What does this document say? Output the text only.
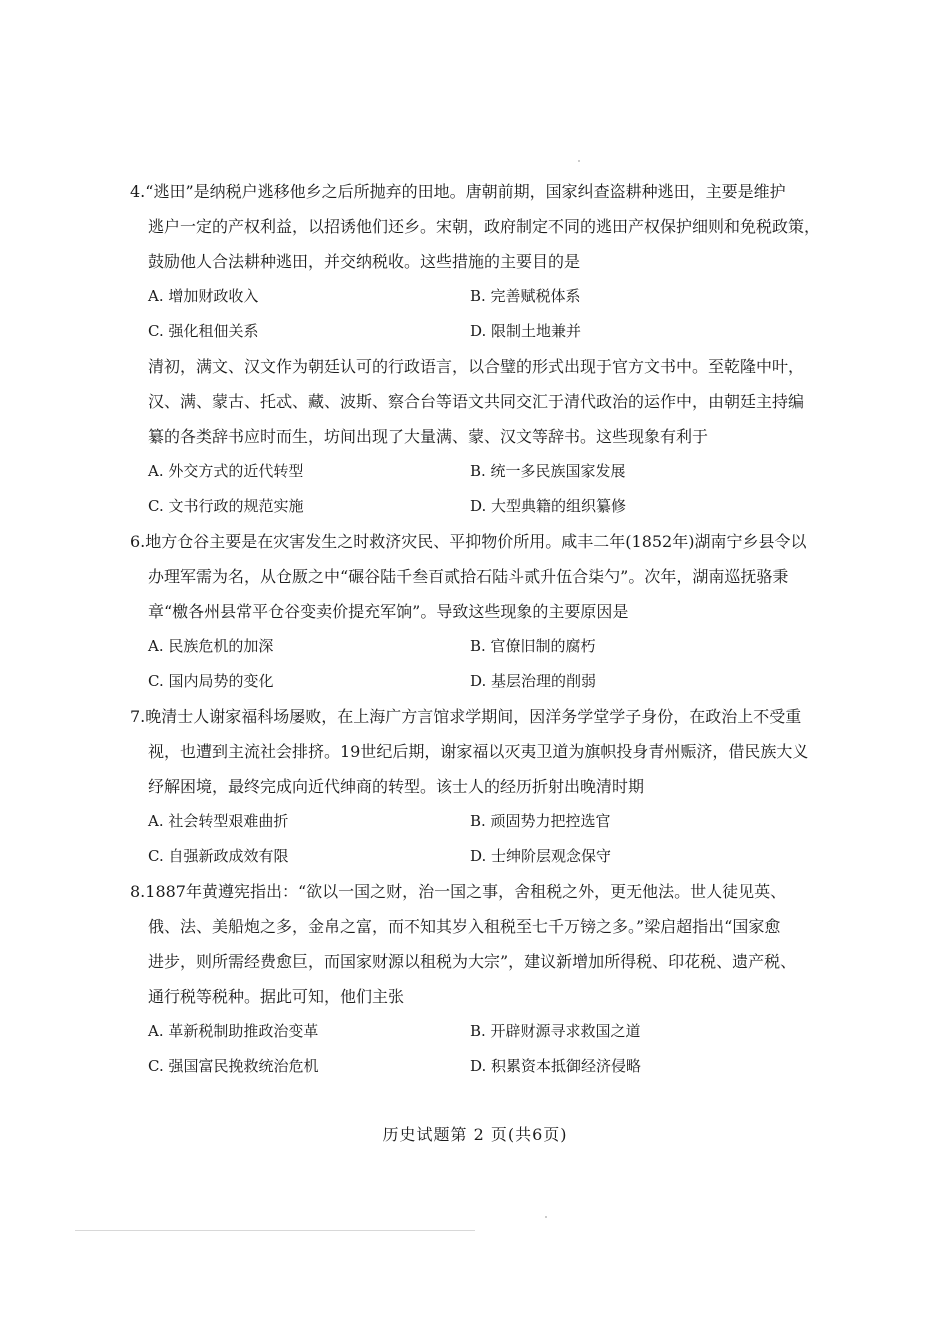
4.“逃田”是纳税户逃移他乡之后所抛弃的田地。唐朝前期，国家纠查盗耕种逃田，主要是维护
逃户一定的产权利益，以招诱他们还乡。宋朝，政府制定不同的逃田产权保护细则和免税政策，
鼓励他人合法耕种逃田，并交纳税收。这些措施的主要目的是
A. 增加财政收入	B. 完善赋税体系
C. 强化租佃关系	D. 限制土地兼并
清初，满文、汉文作为朝廷认可的行政语言，以合璧的形式出现于官方文书中。至乾隆中叶，
汉、满、蒙古、托忒、藏、波斯、察合台等语文共同交汇于清代政治的运作中，由朝廷主持编
纂的各类辞书应时而生，坊间出现了大量满、蒙、汉文等辞书。这些现象有利于
A. 外交方式的近代转型	B. 统一多民族国家发展
C. 文书行政的规范实施	D. 大型典籍的组织纂修
6.地方仓谷主要是在灾害发生之时救济灾民、平抑物价所用。咸丰二年(1852年)湖南宁乡县令以
办理军需为名，从仓厫之中“碾谷陆千叁百贰拾石陆斗贰升伍合柒勺”。次年，湖南巡抚骆秉
章“檄各州县常平仓谷变卖价提充军饷”。导致这些现象的主要原因是
A. 民族危机的加深	B. 官僚旧制的腐朽
C. 国内局势的变化	D. 基层治理的削弱
7.晚清士人谢家福科场屡败，在上海广方言馆求学期间，因洋务学堂学子身份，在政治上不受重
视，也遭到主流社会排挤。19世纪后期，谢家福以灭夷卫道为旗帜投身青州赈济，借民族大义
纾解困境，最终完成向近代绅商的转型。该士人的经历折射出晚清时期
A. 社会转型艰难曲折	B. 顽固势力把控选官
C. 自强新政成效有限	D. 士绅阶层观念保守
8.1887年黄遵宪指出：“欲以一国之财，治一国之事，舍租税之外，更无他法。世人徒见英、
俄、法、美船炮之多，金帛之富，而不知其岁入租税至七千万镑之多。”梁启超指出“国家愈
进步，则所需经费愈巨，而国家财源以租税为大宗”，建议新增加所得税、印花税、遗产税、
通行税等税种。据此可知，他们主张
A. 革新税制助推政治变革	B. 开辟财源寻求救国之道
C. 强国富民挽救统治危机	D. 积累资本抵御经济侵略
历史试题第 2 页(共6页)
